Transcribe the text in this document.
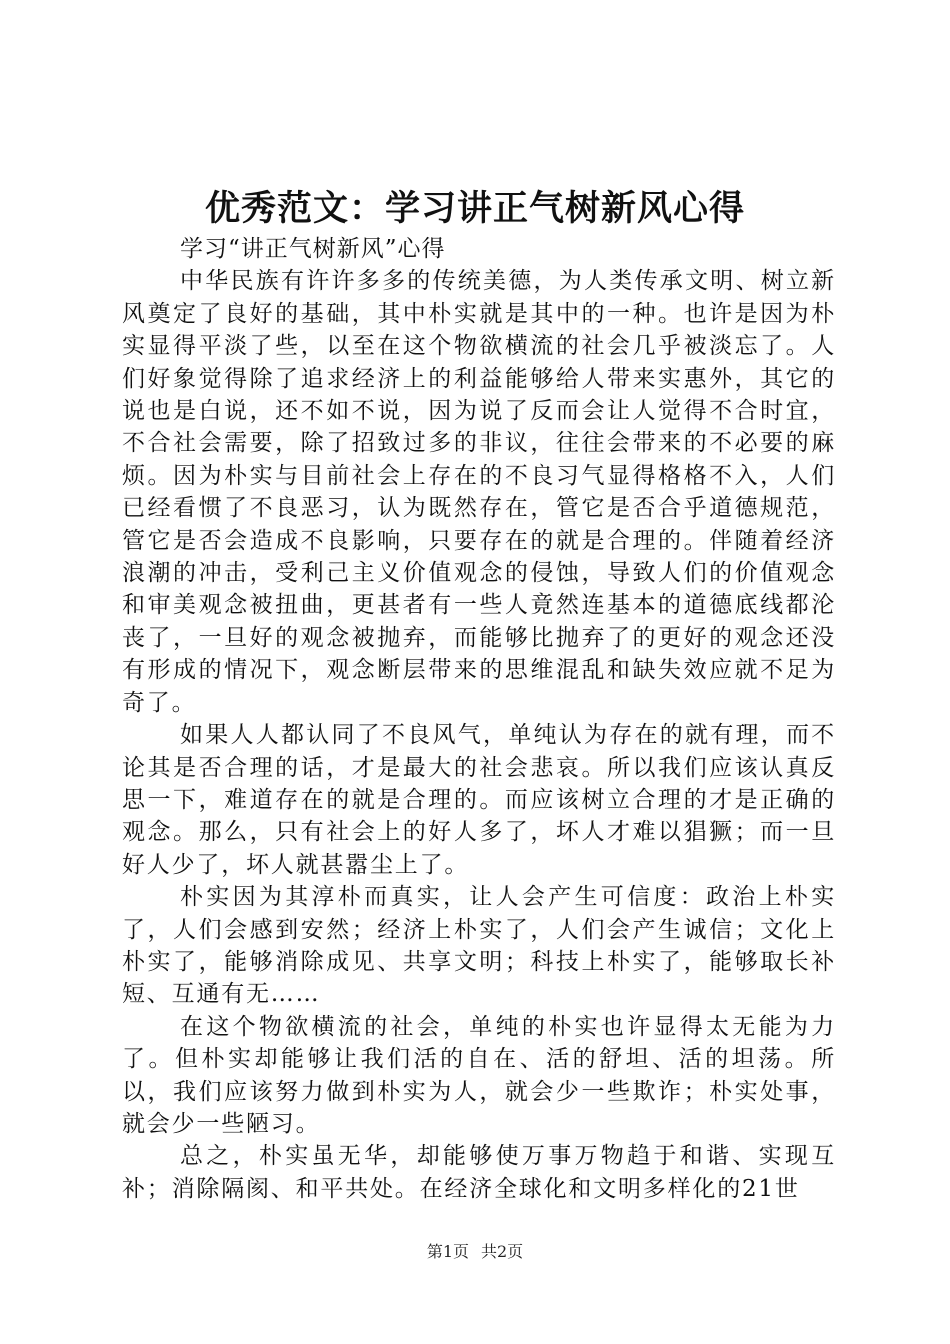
优秀范文：学习讲正气树新风心得

学习“讲正气树新风”心得

中华民族有许许多多的传统美德，为人类传承文明、树立新风奠定了良好的基础，其中朴实就是其中的一种。也许是因为朴实显得平淡了些，以至在这个物欲横流的社会几乎被淡忘了。人们好象觉得除了追求经济上的利益能够给人带来实惠外，其它的说也是白说，还不如不说，因为说了反而会让人觉得不合时宜，不合社会需要，除了招致过多的非议，往往会带来的不必要的麻烦。因为朴实与目前社会上存在的不良习气显得格格不入，人们已经看惯了不良恶习，认为既然存在，管它是否合乎道德规范，管它是否会造成不良影响，只要存在的就是合理的。伴随着经济浪潮的冲击，受利己主义价值观念的侵蚀，导致人们的价值观念和审美观念被扭曲，更甚者有一些人竟然连基本的道德底线都沦丧了，一旦好的观念被抛弃，而能够比抛弃了的更好的观念还没有形成的情况下，观念断层带来的思维混乱和缺失效应就不足为奇了。

如果人人都认同了不良风气，单纯认为存在的就有理，而不论其是否合理的话，才是最大的社会悲哀。所以我们应该认真反思一下，难道存在的就是合理的。而应该树立合理的才是正确的观念。那么，只有社会上的好人多了，坏人才难以猖獗；而一旦好人少了，坏人就甚嚣尘上了。

朴实因为其淳朴而真实，让人会产生可信度：政治上朴实了，人们会感到安然；经济上朴实了，人们会产生诚信；文化上朴实了，能够消除成见、共享文明；科技上朴实了，能够取长补短、互通有无……

在这个物欲横流的社会，单纯的朴实也许显得太无能为力了。但朴实却能够让我们活的自在、活的舒坦、活的坦荡。所以，我们应该努力做到朴实为人，就会少一些欺诈；朴实处事，就会少一些陋习。

总之，朴实虽无华，却能够使万事万物趋于和谐、实现互补；消除隔阂、和平共处。在经济全球化和文明多样化的21世

第1页 共2页
